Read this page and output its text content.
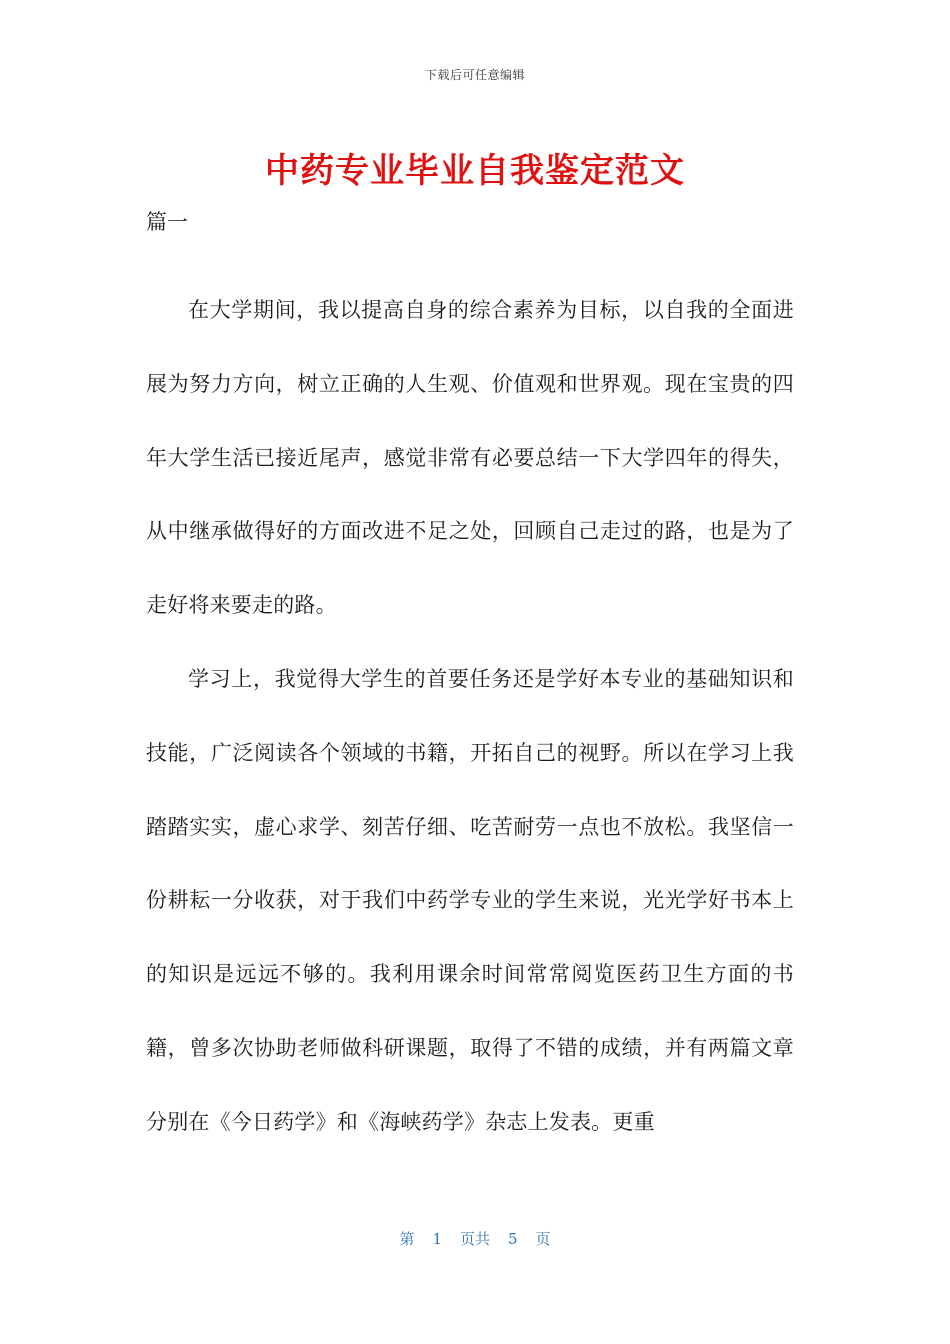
下载后可任意编辑
中药专业毕业自我鉴定范文
篇一

在大学期间，我以提高自身的综合素养为目标，以自我的全面进展为努力方向，树立正确的人生观、价值观和世界观。现在宝贵的四年大学生活已接近尾声，感觉非常有必要总结一下大学四年的得失，从中继承做得好的方面改进不足之处，回顾自己走过的路，也是为了走好将来要走的路。

学习上，我觉得大学生的首要任务还是学好本专业的基础知识和技能，广泛阅读各个领域的书籍，开拓自己的视野。所以在学习上我踏踏实实，虚心求学、刻苦仔细、吃苦耐劳一点也不放松。我坚信一份耕耘一分收获，对于我们中药学专业的学生来说，光光学好书本上的知识是远远不够的。我利用课余时间常常阅览医药卫生方面的书籍，曾多次协助老师做科研课题，取得了不错的成绩，并有两篇文章分别在《今日药学》和《海峡药学》杂志上发表。更重

第 1 页共 5 页
